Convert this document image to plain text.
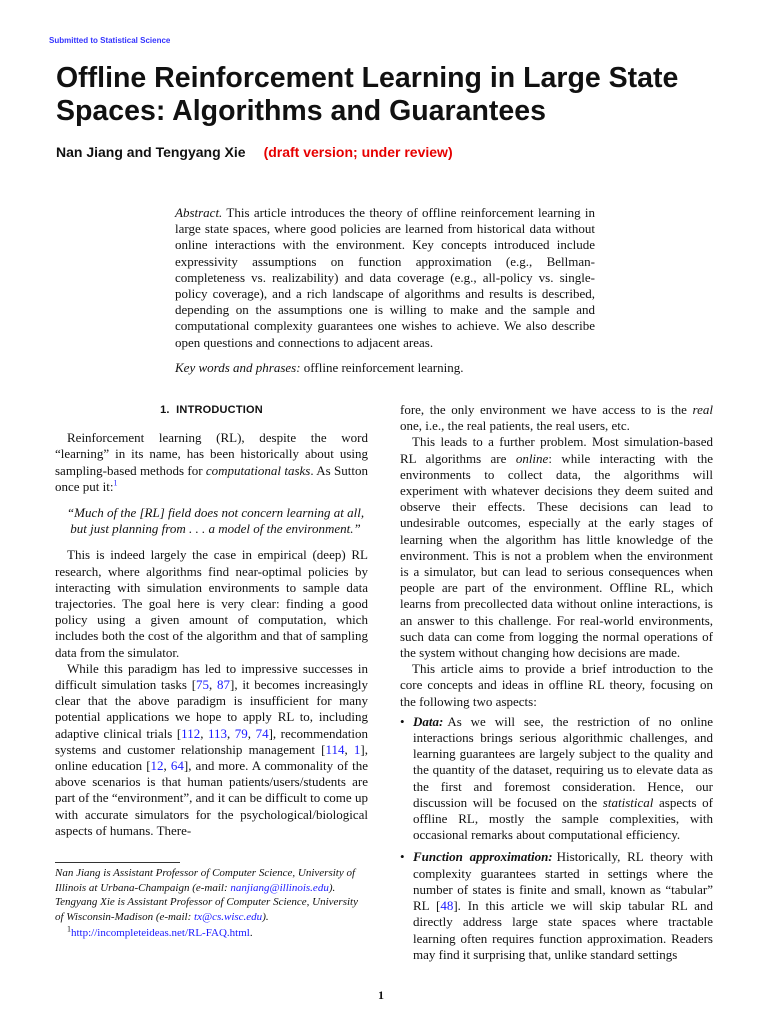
Submitted to Statistical Science
Offline Reinforcement Learning in Large State Spaces: Algorithms and Guarantees
Nan Jiang and Tengyang Xie (draft version; under review)
Abstract. This article introduces the theory of offline reinforcement learning in large state spaces, where good policies are learned from historical data without online interactions with the environment. Key concepts introduced include expressivity assumptions on function approximation (e.g., Bellman-completeness vs. realizability) and data coverage (e.g., all-policy vs. single-policy coverage), and a rich landscape of algorithms and results is described, depending on the assumptions one is willing to make and the sample and computational complexity guarantees one wishes to achieve. We also describe open questions and connections to adjacent areas.
Key words and phrases: offline reinforcement learning.
1. INTRODUCTION

Reinforcement learning (RL), despite the word “learning” in its name, has been historically about using sampling-based methods for computational tasks. As Sutton once put it:$^1$

“Much of the [RL] field does not concern learning at all, but just planning from . . . a model of the environment.”

This is indeed largely the case in empirical (deep) RL research, where algorithms find near-optimal policies by interacting with simulation environments to sample data trajectories. The goal here is very clear: finding a good policy using a given amount of computation, which includes both the cost of the algorithm and that of sampling data from the simulator.

While this paradigm has led to impressive successes in difficult simulation tasks [75, 87], it becomes increasingly clear that the above paradigm is insufficient for many potential applications we hope to apply RL to, including adaptive clinical trials [112, 113, 79, 74], recommendation systems and customer relationship management [114, 1], online education [12, 64], and more. A commonality of the above scenarios is that human patients/users/students are part of the “environment”, and it can be difficult to come up with accurate simulators for the psychological/biological aspects of humans. There-

fore, the only environment we have access to is the real one, i.e., the real patients, the real users, etc.

This leads to a further problem. Most simulation-based RL algorithms are online: while interacting with the environments to collect data, the algorithms will experiment with whatever decisions they deem suited and observe their effects. These decisions can lead to undesirable outcomes, especially at the early stages of learning when the algorithm has little knowledge of the environment. This is not a problem when the environment is a simulator, but can lead to serious consequences when people are part of the environment. Offline RL, which learns from precollected data without online interactions, is an answer to this challenge. For real-world environments, such data can come from logging the normal operations of the system without changing how decisions are made.

This article aims to provide a brief introduction to the core concepts and ideas in offline RL theory, focusing on the following two aspects:

• Data: As we will see, the restriction of no online interactions brings serious algorithmic challenges, and learning guarantees are largely subject to the quality and the quantity of the dataset, requiring us to elevate data as the first and foremost consideration. Hence, our discussion will be focused on the statistical aspects of offline RL, mostly the sample complexities, with occasional remarks about computational efficiency.
• Function approximation: Historically, RL theory with complexity guarantees started in settings where the number of states is finite and small, known as “tabular” RL [48]. In this article we will skip tabular RL and directly address large state spaces where tractable learning often requires function approximation. Readers may find it surprising that, unlike standard settings
Nan Jiang is Assistant Professor of Computer Science, University of Illinois at Urbana-Champaign (e-mail: nanjiang@illinois.edu). Tengyang Xie is Assistant Professor of Computer Science, University of Wisconsin-Madison (e-mail: tx@cs.wisc.edu).
$^1$http://incompleteideas.net/RL-FAQ.html.
1
